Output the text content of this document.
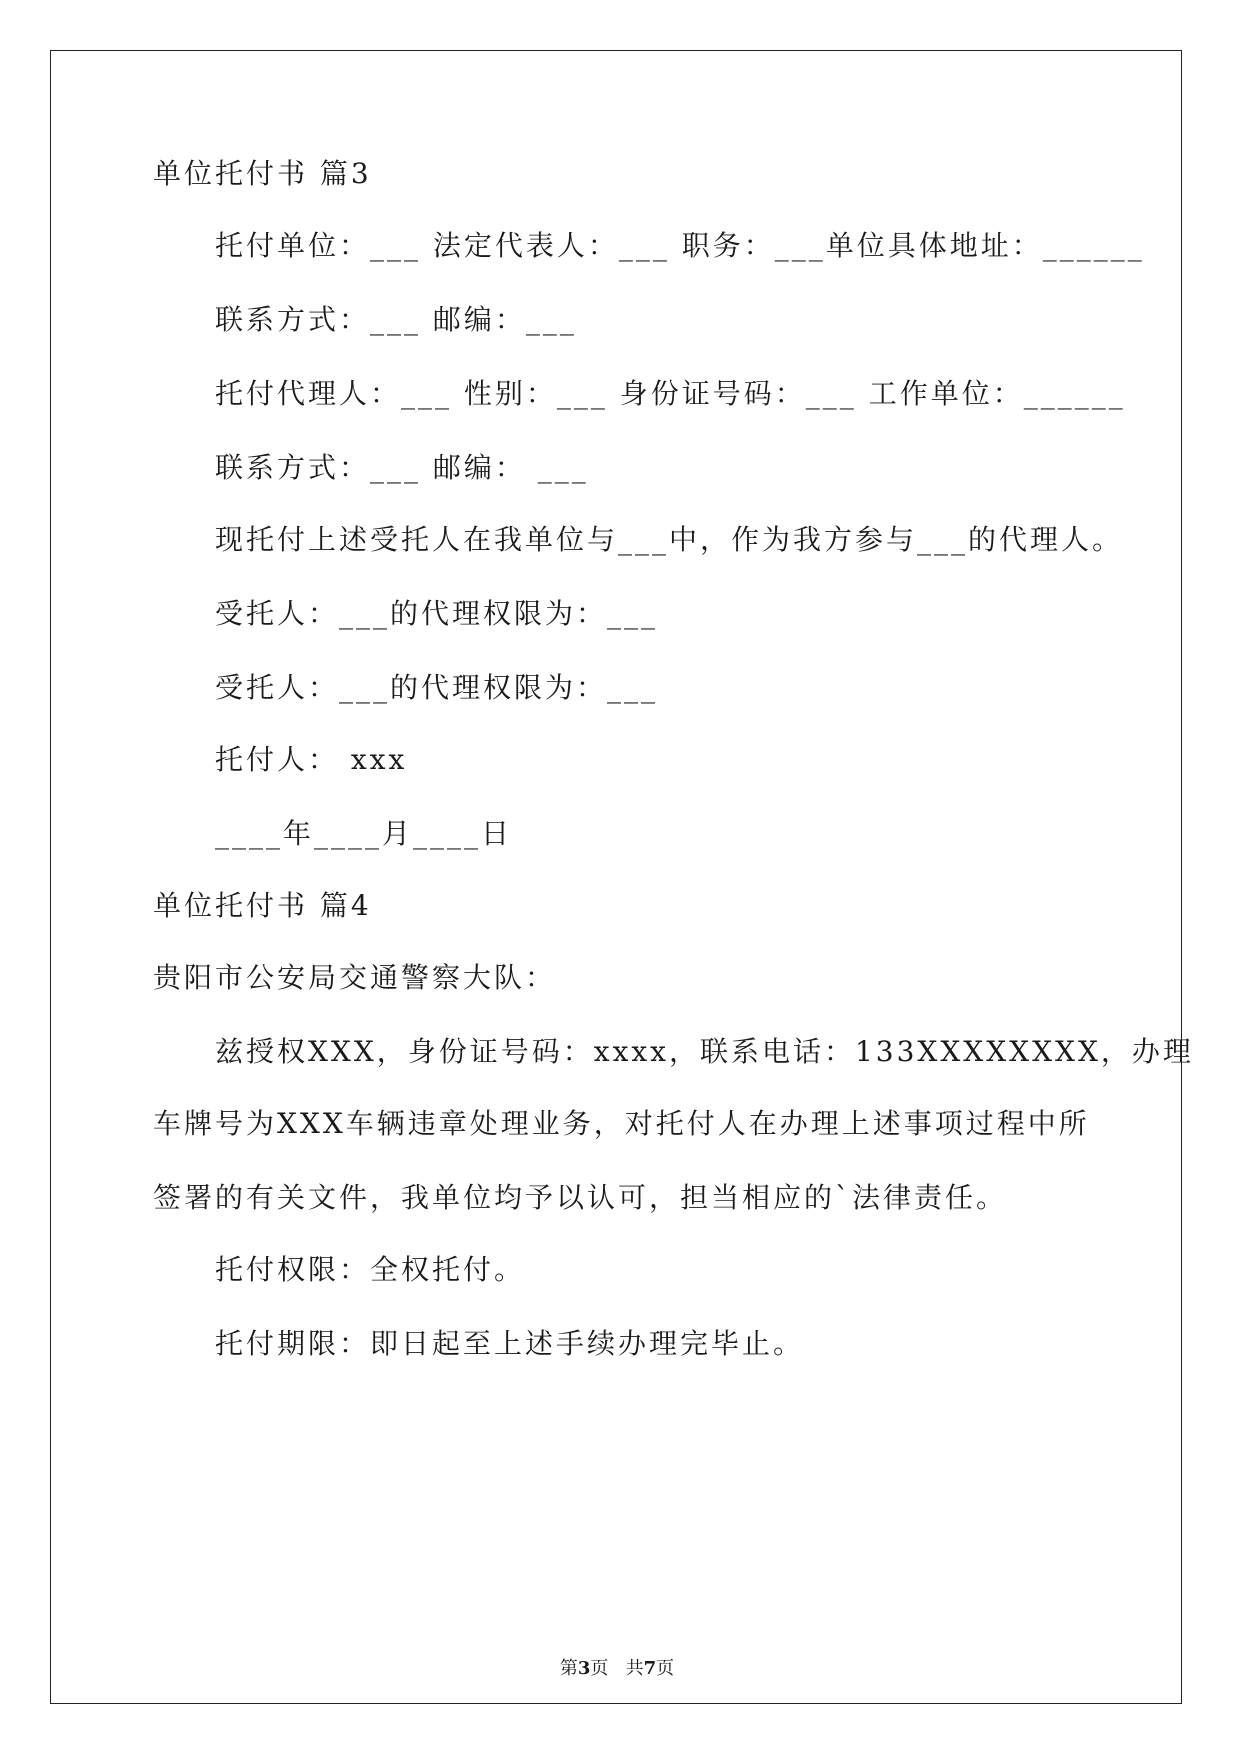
单位托付书 篇3
托付单位：___ 法定代表人：___ 职务：___单位具体地址：______
联系方式：___ 邮编：___
托付代理人：___ 性别：___ 身份证号码：___ 工作单位：______
联系方式：___ 邮编： ___
现托付上述受托人在我单位与___中，作为我方参与___的代理人。
受托人：___的代理权限为：___
受托人：___的代理权限为：___
托付人： xxx
____年____月____日
单位托付书 篇4
贵阳市公安局交通警察大队：
兹授权XXX，身份证号码：xxxx，联系电话：133XXXXXXXX，办理
车牌号为XXX车辆违章处理业务，对托付人在办理上述事项过程中所
签署的有关文件，我单位均予以认可，担当相应的`法律责任。
托付权限：全权托付。
托付期限：即日起至上述手续办理完毕止。
第3页 共7页
